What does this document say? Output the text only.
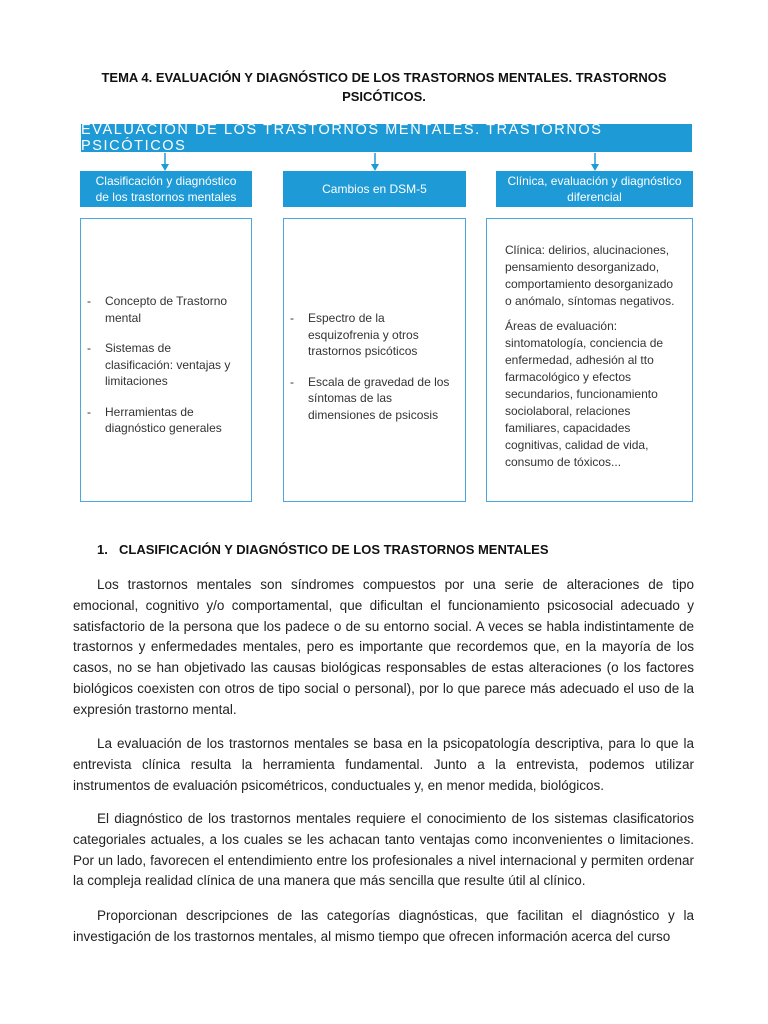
TEMA 4. EVALUACIÓN Y DIAGNÓSTICO DE LOS TRASTORNOS MENTALES. TRASTORNOS
PSICÓTICOS.
EVALUACIÓN DE LOS TRASTORNOS MENTALES. TRASTORNOS PSICÓTICOS
Clasificación y diagnóstico
de los trastornos mentales
Cambios en DSM-5
Clínica, evaluación y diagnóstico
diferencial
- Concepto de Trastorno
mental
- Sistemas de
clasificación: ventajas y
limitaciones
- Herramientas de
diagnóstico generales
- Espectro de la
esquizofrenia y otros
trastornos psicóticos
- Escala de gravedad de los
síntomas de las
dimensiones de psicosis

Clínica: delirios, alucinaciones,
pensamiento desorganizado,
comportamiento desorganizado
o anómalo, síntomas negativos.

Áreas de evaluación:
sintomatología, conciencia de
enfermedad, adhesión al tto
farmacológico y efectos
secundarios, funcionamiento
sociolaboral, relaciones
familiares, capacidades
cognitivas, calidad de vida,
consumo de tóxicos...

1. CLASIFICACIÓN Y DIAGNÓSTICO DE LOS TRASTORNOS MENTALES

Los trastornos mentales son síndromes compuestos por una serie de alteraciones de tipo emocional, cognitivo y/o comportamental, que dificultan el funcionamiento psicosocial adecuado y satisfactorio de la persona que los padece o de su entorno social. A veces se habla indistintamente de trastornos y enfermedades mentales, pero es importante que recordemos que, en la mayoría de los casos, no se han objetivado las causas biológicas responsables de estas alteraciones (o los factores biológicos coexisten con otros de tipo social o personal), por lo que parece más adecuado el uso de la expresión trastorno mental.

La evaluación de los trastornos mentales se basa en la psicopatología descriptiva, para lo que la entrevista clínica resulta la herramienta fundamental. Junto a la entrevista, podemos utilizar instrumentos de evaluación psicométricos, conductuales y, en menor medida, biológicos.

El diagnóstico de los trastornos mentales requiere el conocimiento de los sistemas clasificatorios categoriales actuales, a los cuales se les achacan tanto ventajas como inconvenientes o limitaciones. Por un lado, favorecen el entendimiento entre los profesionales a nivel internacional y permiten ordenar la compleja realidad clínica de una manera que más sencilla que resulte útil al clínico.

Proporcionan descripciones de las categorías diagnósticas, que facilitan el diagnóstico y la investigación de los trastornos mentales, al mismo tiempo que ofrecen información acerca del curso
